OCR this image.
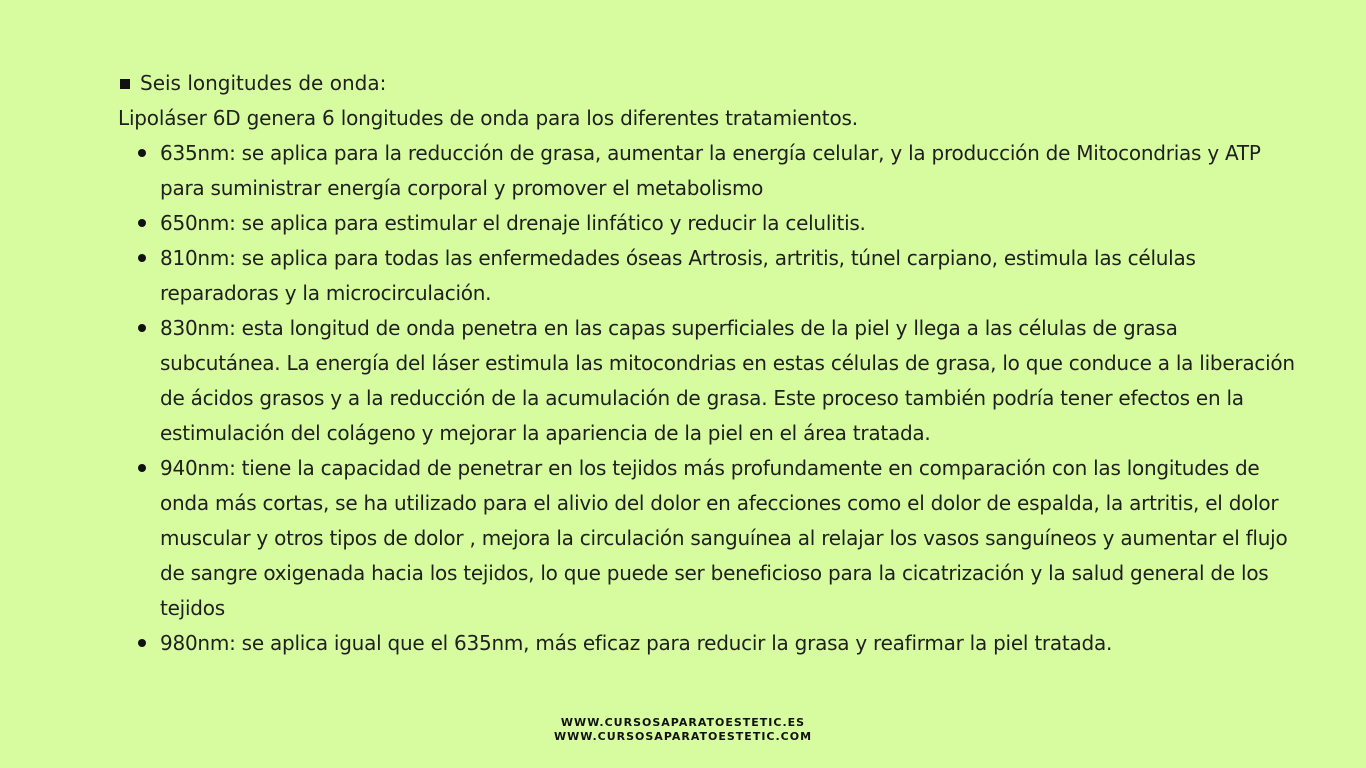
Seis longitudes de onda:
Lipoláser 6D genera 6 longitudes de onda para los diferentes tratamientos.
635nm: se aplica para la reducción de grasa, aumentar la energía celular, y la producción de Mitocondrias y ATP para suministrar energía corporal y promover el metabolismo
650nm: se aplica para estimular el drenaje linfático y reducir la celulitis.
810nm: se aplica para todas las enfermedades óseas Artrosis, artritis, túnel carpiano, estimula las células reparadoras y la microcirculación.
830nm: esta longitud de onda penetra en las capas superficiales de la piel y llega a las células de grasa subcutánea. La energía del láser estimula las mitocondrias en estas células de grasa, lo que conduce a la liberación de ácidos grasos y a la reducción de la acumulación de grasa. Este proceso también podría tener efectos en la estimulación del colágeno y mejorar la apariencia de la piel en el área tratada.
940nm: tiene la capacidad de penetrar en los tejidos más profundamente en comparación con las longitudes de onda más cortas, se ha utilizado para el alivio del dolor en afecciones como el dolor de espalda, la artritis, el dolor muscular y otros tipos de dolor , mejora la circulación sanguínea al relajar los vasos sanguíneos y aumentar el flujo de sangre oxigenada hacia los tejidos, lo que puede ser beneficioso para la cicatrización y la salud general de los tejidos
980nm: se aplica igual que el 635nm, más eficaz para reducir la grasa y reafirmar la piel tratada.
WWW.CURSOSAPARATOESTETIC.ES
WWW.CURSOSAPARATOESTETIC.COM
